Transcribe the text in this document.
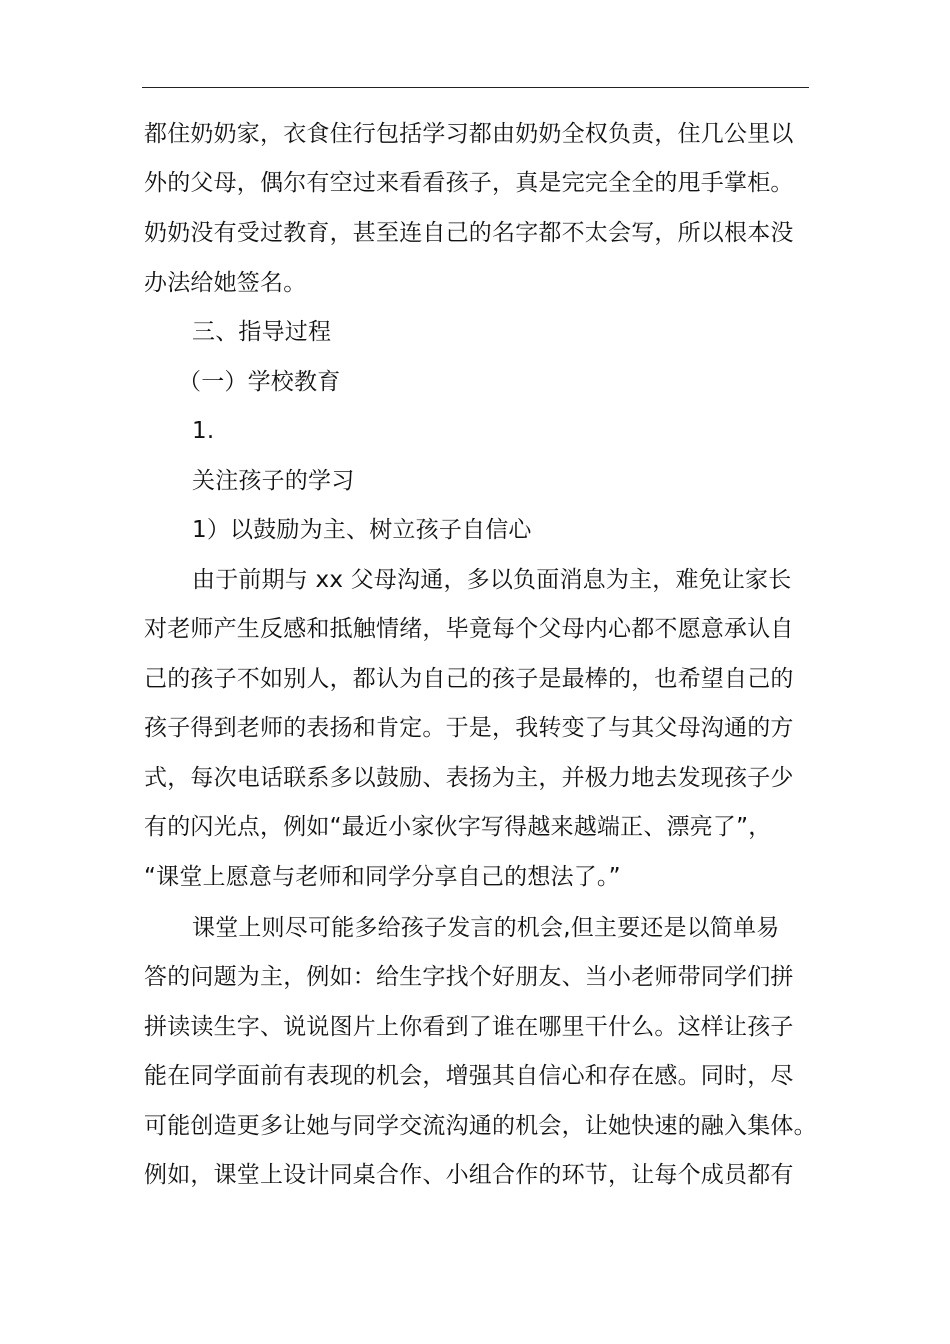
都住奶奶家，衣食住行包括学习都由奶奶全权负责，住几公里以
外的父母，偶尔有空过来看看孩子，真是完完全全的甩手掌柜。
奶奶没有受过教育，甚至连自己的名字都不太会写，所以根本没
办法给她签名。
三、指导过程
（一）学校教育
1.
关注孩子的学习
1）以鼓励为主、树立孩子自信心
由于前期与 xx 父母沟通，多以负面消息为主，难免让家长
对老师产生反感和抵触情绪，毕竟每个父母内心都不愿意承认自
己的孩子不如别人，都认为自己的孩子是最棒的，也希望自己的
孩子得到老师的表扬和肯定。于是，我转变了与其父母沟通的方
式，每次电话联系多以鼓励、表扬为主，并极力地去发现孩子少
有的闪光点，例如“最近小家伙字写得越来越端正、漂亮了”，
“课堂上愿意与老师和同学分享自己的想法了。”
课堂上则尽可能多给孩子发言的机会,但主要还是以简单易
答的问题为主，例如：给生字找个好朋友、当小老师带同学们拼
拼读读生字、说说图片上你看到了谁在哪里干什么。这样让孩子
能在同学面前有表现的机会，增强其自信心和存在感。同时，尽
可能创造更多让她与同学交流沟通的机会，让她快速的融入集体。
例如，课堂上设计同桌合作、小组合作的环节，让每个成员都有
